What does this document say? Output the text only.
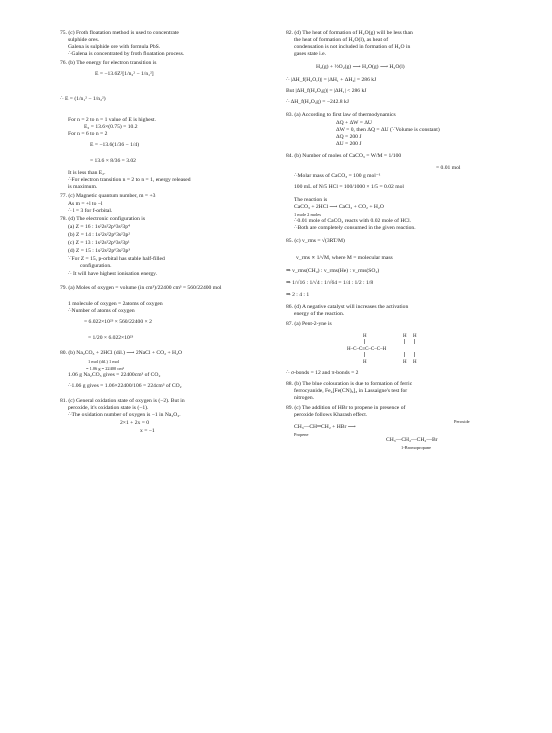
75. (c) Froth floatation method is used to concentrate
sulphide ores.
Galena is sulphide ore with formula PbS.
∴Galena is concentrated by froth floatation process.
76. (b) The energy for electron transition is
E = −13.6Z²[1/n₂² − 1/n₁²]
∴ E = (1/n₁² − 1/n₂²)
For n = 2 to n = 1 value of E is highest.
E₂ = 13.6×(0.75) = 10.2
For n = 6 to n = 2
E = −13.6(1/36 − 1/4)
= 13.6 × 8/36 = 3.02
It is less than E₂.
∴For electron transition n = 2 to n = 1, energy released
is maximum.
77. (c) Magnetic quantum number, m = +3
As m = +l to −l
∴ l = 3 for f-orbital.
78. (d) The electronic configuration is
(a) Z = 16 : 1s²2s²2p⁶3s²3p⁴
(b) Z = 14 : 1s²2s²2p⁶3s²3p²
(c) Z = 13 : 1s²2s²2p⁶3s²3p¹
(d) Z = 15 : 1s²2s²2p⁶3s²3p³
∵For Z = 15, p-orbital has stable half-filled
configuration.
∴ It will have highest ionisation energy.
79. (a) Moles of oxygen = volume (in cm³)/22400 cm³ = 560/22400 mol
1 molecule of oxygen = 2atoms of oxygen
∴Number of atoms of oxygen
= 6.022×10²³ × 560/22400 × 2
= 1/20 × 6.022×10²³
80. (b) Na₂CO₃ + 2HCl (dil.) ⟶ 2NaCl + CO₂ + H₂O
1 mol (dil.) 1 mol
= 1.06 g = 22400 cm³
1.06 g Na₂CO₃ gives = 22400cm³ of CO₂
∴1.06 g gives = 1.06×22400/106 = 224cm³ of CO₂
81. (c) General oxidation state of oxygen is (−2). But in
peroxide, it's oxidation state is (−1).
∴The oxidation number of oxygen is −1 in Na₂O₂.
2×1 + 2x = 0
x = −1
82. (d) The heat of formation of H₂O(g) will be less than
the heat of formation of H₂O(l), as heat of
condensation is not included in formation of H₂O in
gases state i.e.
H₂(g) + ½O₂(g) ⟶ H₂O(g) ⟶ H₂O(l)
∴ |ΔH_f(H₂O,l)| = |ΔH₁ + ΔH₂| = 286 kJ
But |ΔH_f(H₂O,g)| = |ΔH₁| < 286 kJ
∴ ΔH_f(H₂O,g) = −242.8 kJ
83. (a) According to first law of thermodynamics
ΔQ + ΔW = ΔU
ΔW = 0, then ΔQ = ΔU (∵Volume is constant)
ΔQ = 200 J
ΔU = 200 J
84. (b) Number of moles of CaCO₃ = W/M = 1/100
= 0.01 mol
∴Molar mass of CaCO₃ = 100 g mol⁻¹
100 mL of N/5 HCl = 100/1000 × 1/5 = 0.02 mol
The reaction is
CaCO₃ + 2HCl ⟶ CaCl₂ + CO₂ + H₂O
1 mole 2 moles
∴0.01 mole of CaCO₃ reacts with 0.02 mole of HCl.
∴Both are completely consumed in the given reaction.
85. (c) v_rms = √(3RT/M)
v_rms ∝ 1/√M, where M = molecular mass
⇒ v_rms(CH₄) : v_rms(He) : v_rms(SO₂)
⇒ 1/√16 : 1/√4 : 1/√64 = 1/4 : 1/2 : 1/8
⇒ 2 : 4 : 1
86. (d) A negative catalyst will increases the activation
energy of the reaction.
87. (a) Pent-2-yne is
H	H H
H–C–C≡C–C–C–H
H	H H
∴ σ-bonds = 12 and π-bonds = 2
88. (b) The blue colouration is due to formation of ferric
ferrocyanide, Fe₄[Fe(CN)₆]₃ in Lassaigne's test for
nitrogen.
89. (c) The addition of HBr to propene in presence of
peroxide follows Kharash effect.
Peroxide
CH₃—CH═CH₂ + HBr ⟶
Propene
CH₃—CH₂—CH₂—Br
1-Bromopropane
